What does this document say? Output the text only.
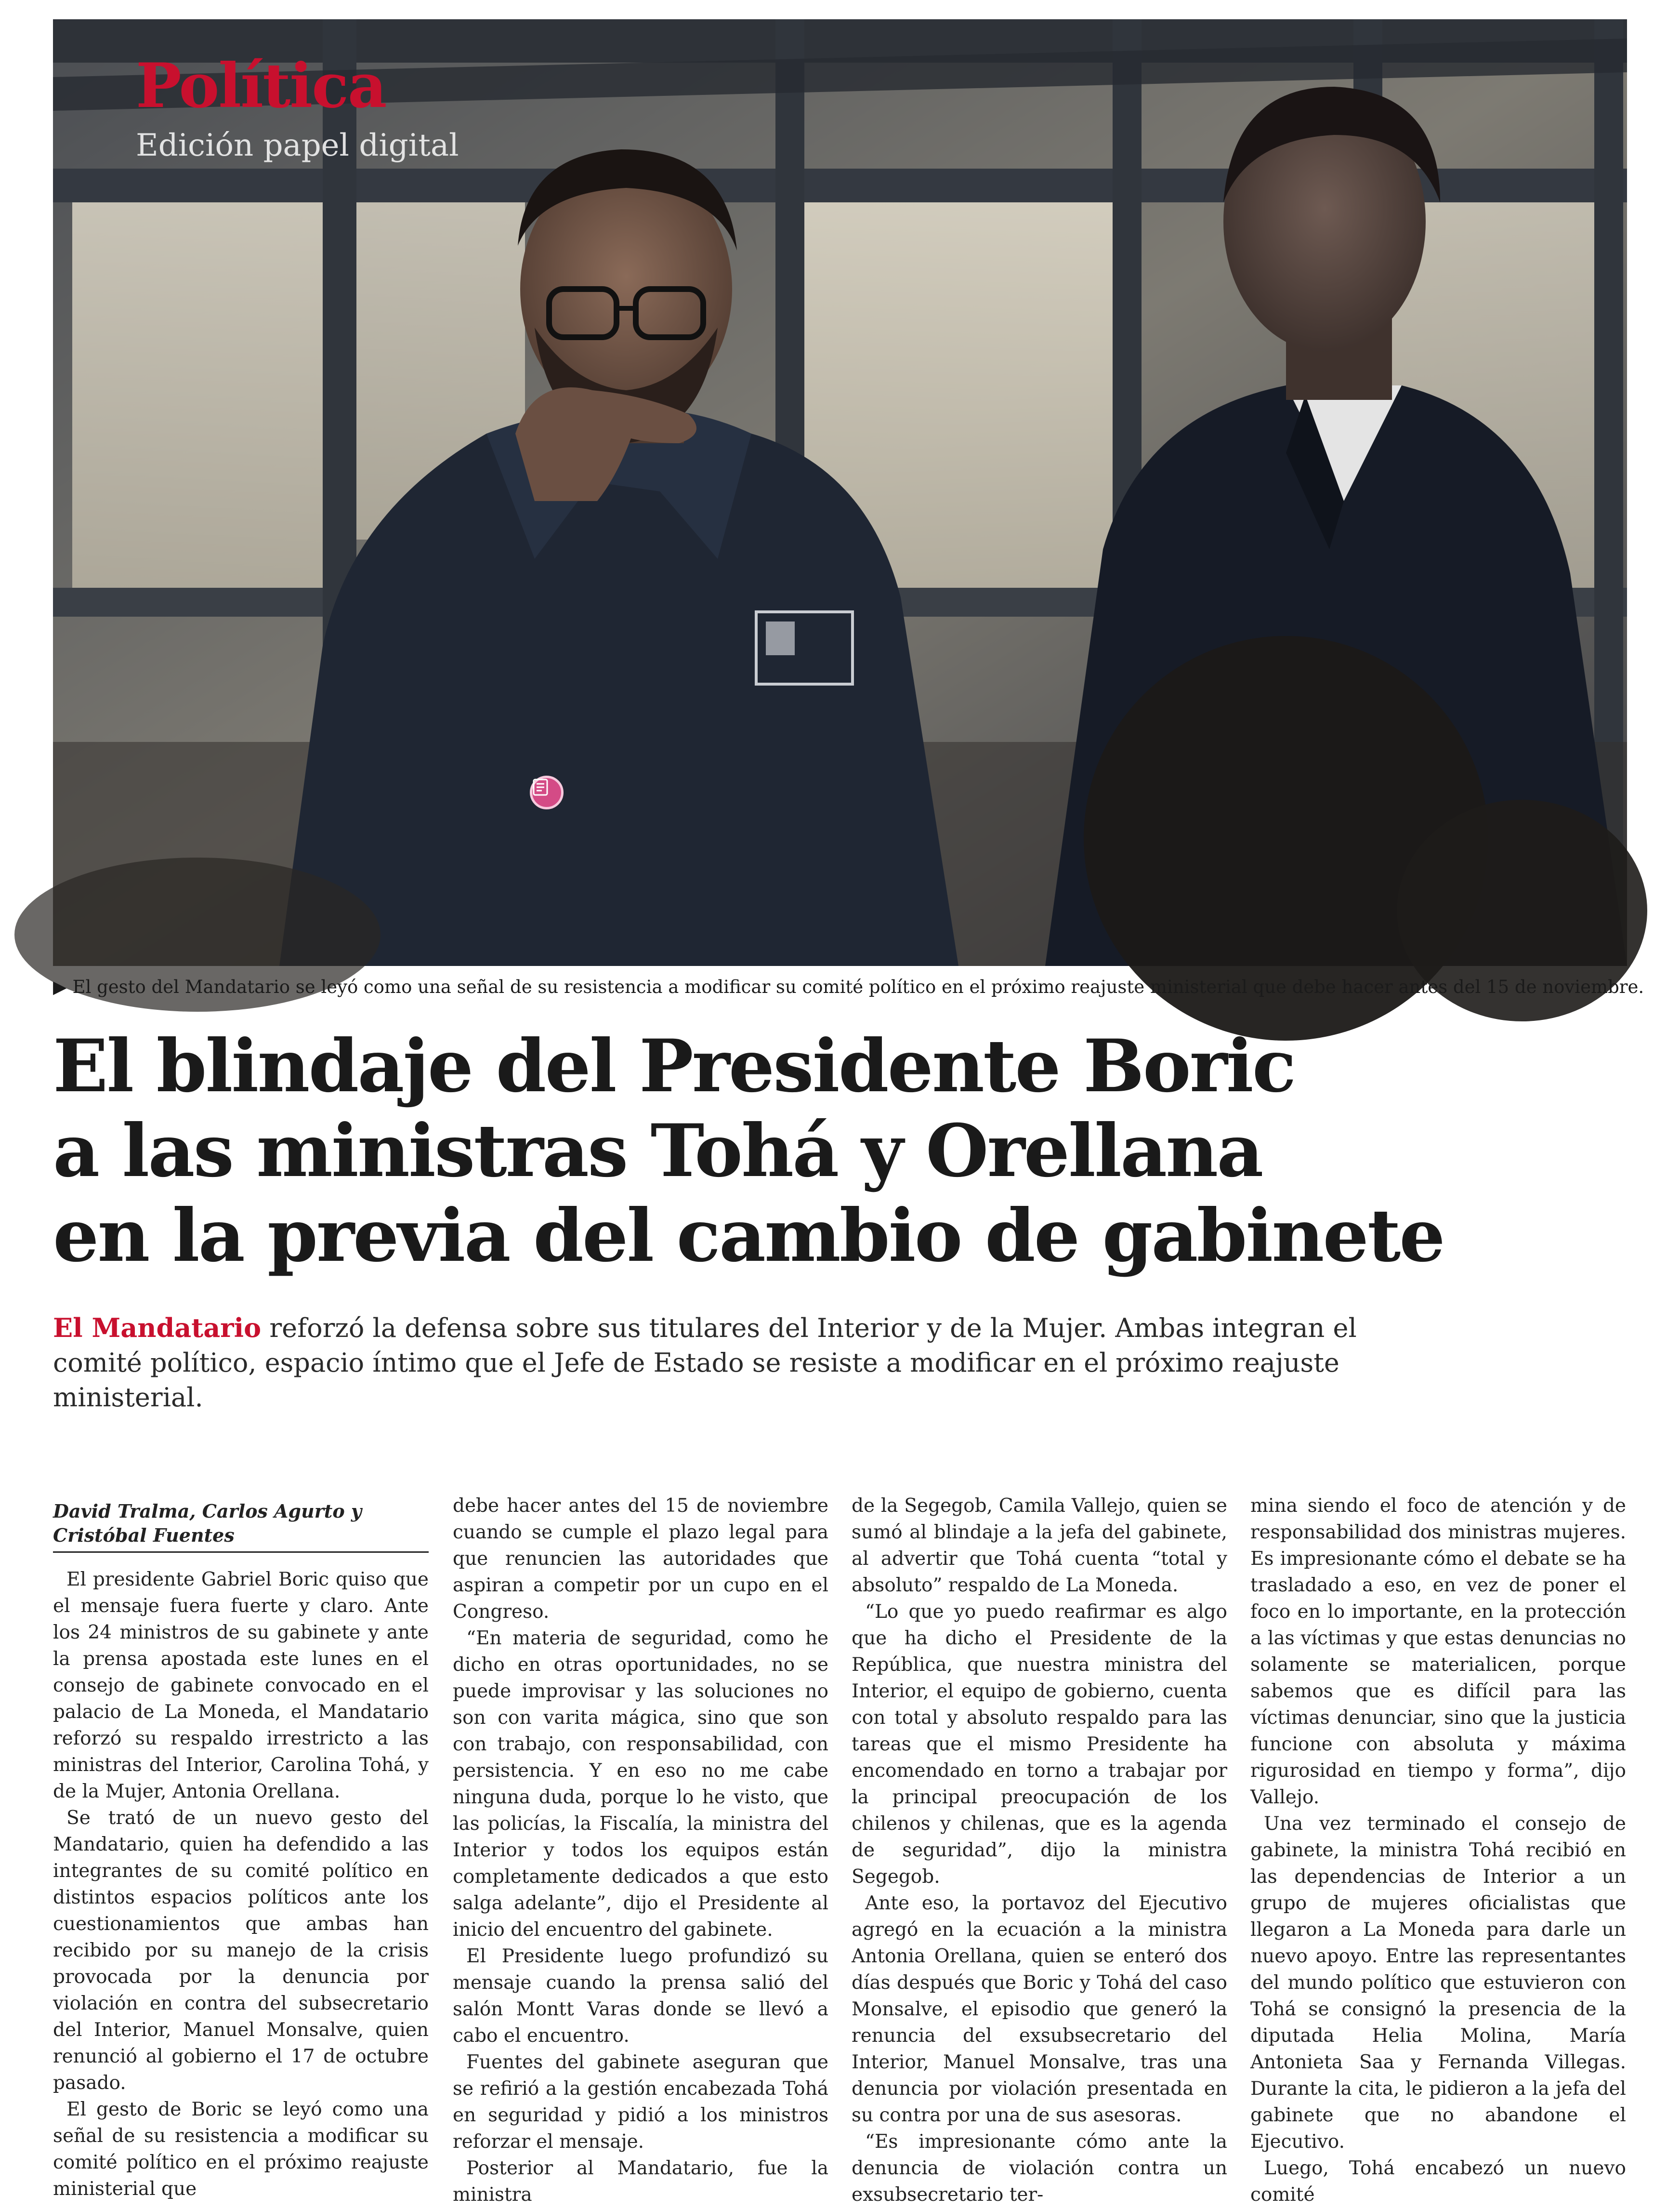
Política
Edición papel digital
▶ El gesto del Mandatario se leyó como una señal de su resistencia a modificar su comité político en el próximo reajuste ministerial que debe hacer antes del 15 de noviembre.
El blindaje del Presidente Boric
a las ministras Tohá y Orellana
en la previa del cambio de gabinete
El Mandatario reforzó la defensa sobre sus titulares del Interior y de la Mujer. Ambas integran el comité político, espacio íntimo que el Jefe de Estado se resiste a modificar en el próximo reajuste ministerial.
David Tralma, Carlos Agurto y Cristóbal Fuentes

El presidente Gabriel Boric quiso que el mensaje fuera fuerte y claro. Ante los 24 ministros de su gabinete y ante la prensa apostada este lunes en el consejo de gabinete convocado en el palacio de La Moneda, el Mandatario reforzó su respaldo irrestricto a las ministras del Interior, Carolina Tohá, y de la Mujer, Antonia Orellana.

Se trató de un nuevo gesto del Mandatario, quien ha defendido a las integrantes de su comité político en distintos espacios políticos ante los cuestionamientos que ambas han recibido por su manejo de la crisis provocada por la denuncia por violación en contra del subsecretario del Interior, Manuel Monsalve, quien renunció al gobierno el 17 de octubre pasado.

El gesto de Boric se leyó como una señal de su resistencia a modificar su comité político en el próximo reajuste ministerial que

debe hacer antes del 15 de noviembre cuando se cumple el plazo legal para que renuncien las autoridades que aspiran a competir por un cupo en el Congreso.

“En materia de seguridad, como he dicho en otras oportunidades, no se puede improvisar y las soluciones no son con varita mágica, sino que son con trabajo, con responsabilidad, con persistencia. Y en eso no me cabe ninguna duda, porque lo he visto, que las policías, la Fiscalía, la ministra del Interior y todos los equipos están completamente dedicados a que esto salga adelante”, dijo el Presidente al inicio del encuentro del gabinete.

El Presidente luego profundizó su mensaje cuando la prensa salió del salón Montt Varas donde se llevó a cabo el encuentro.

Fuentes del gabinete aseguran que se refirió a la gestión encabezada Tohá en seguridad y pidió a los ministros reforzar el mensaje.

Posterior al Mandatario, fue la ministra

de la Segegob, Camila Vallejo, quien se sumó al blindaje a la jefa del gabinete, al advertir que Tohá cuenta “total y absoluto” respaldo de La Moneda.

“Lo que yo puedo reafirmar es algo que ha dicho el Presidente de la República, que nuestra ministra del Interior, el equipo de gobierno, cuenta con total y absoluto respaldo para las tareas que el mismo Presidente ha encomendado en torno a trabajar por la principal preocupación de los chilenos y chilenas, que es la agenda de seguridad”, dijo la ministra Segegob.

Ante eso, la portavoz del Ejecutivo agregó en la ecuación a la ministra Antonia Orellana, quien se enteró dos días después que Boric y Tohá del caso Monsalve, el episodio que generó la renuncia del exsubsecretario del Interior, Manuel Monsalve, tras una denuncia por violación presentada en su contra por una de sus asesoras.

“Es impresionante cómo ante la denuncia de violación contra un exsubsecretario ter-

mina siendo el foco de atención y de responsabilidad dos ministras mujeres. Es impresionante cómo el debate se ha trasladado a eso, en vez de poner el foco en lo importante, en la protección a las víctimas y que estas denuncias no solamente se materialicen, porque sabemos que es difícil para las víctimas denunciar, sino que la justicia funcione con absoluta y máxima rigurosidad en tiempo y forma”, dijo Vallejo.

Una vez terminado el consejo de gabinete, la ministra Tohá recibió en las dependencias de Interior a un grupo de mujeres oficialistas que llegaron a La Moneda para darle un nuevo apoyo. Entre las representantes del mundo político que estuvieron con Tohá se consignó la presencia de la diputada Helia Molina, María Antonieta Saa y Fernanda Villegas. Durante la cita, le pidieron a la jefa del gabinete que no abandone el Ejecutivo.

Luego, Tohá encabezó un nuevo comité
